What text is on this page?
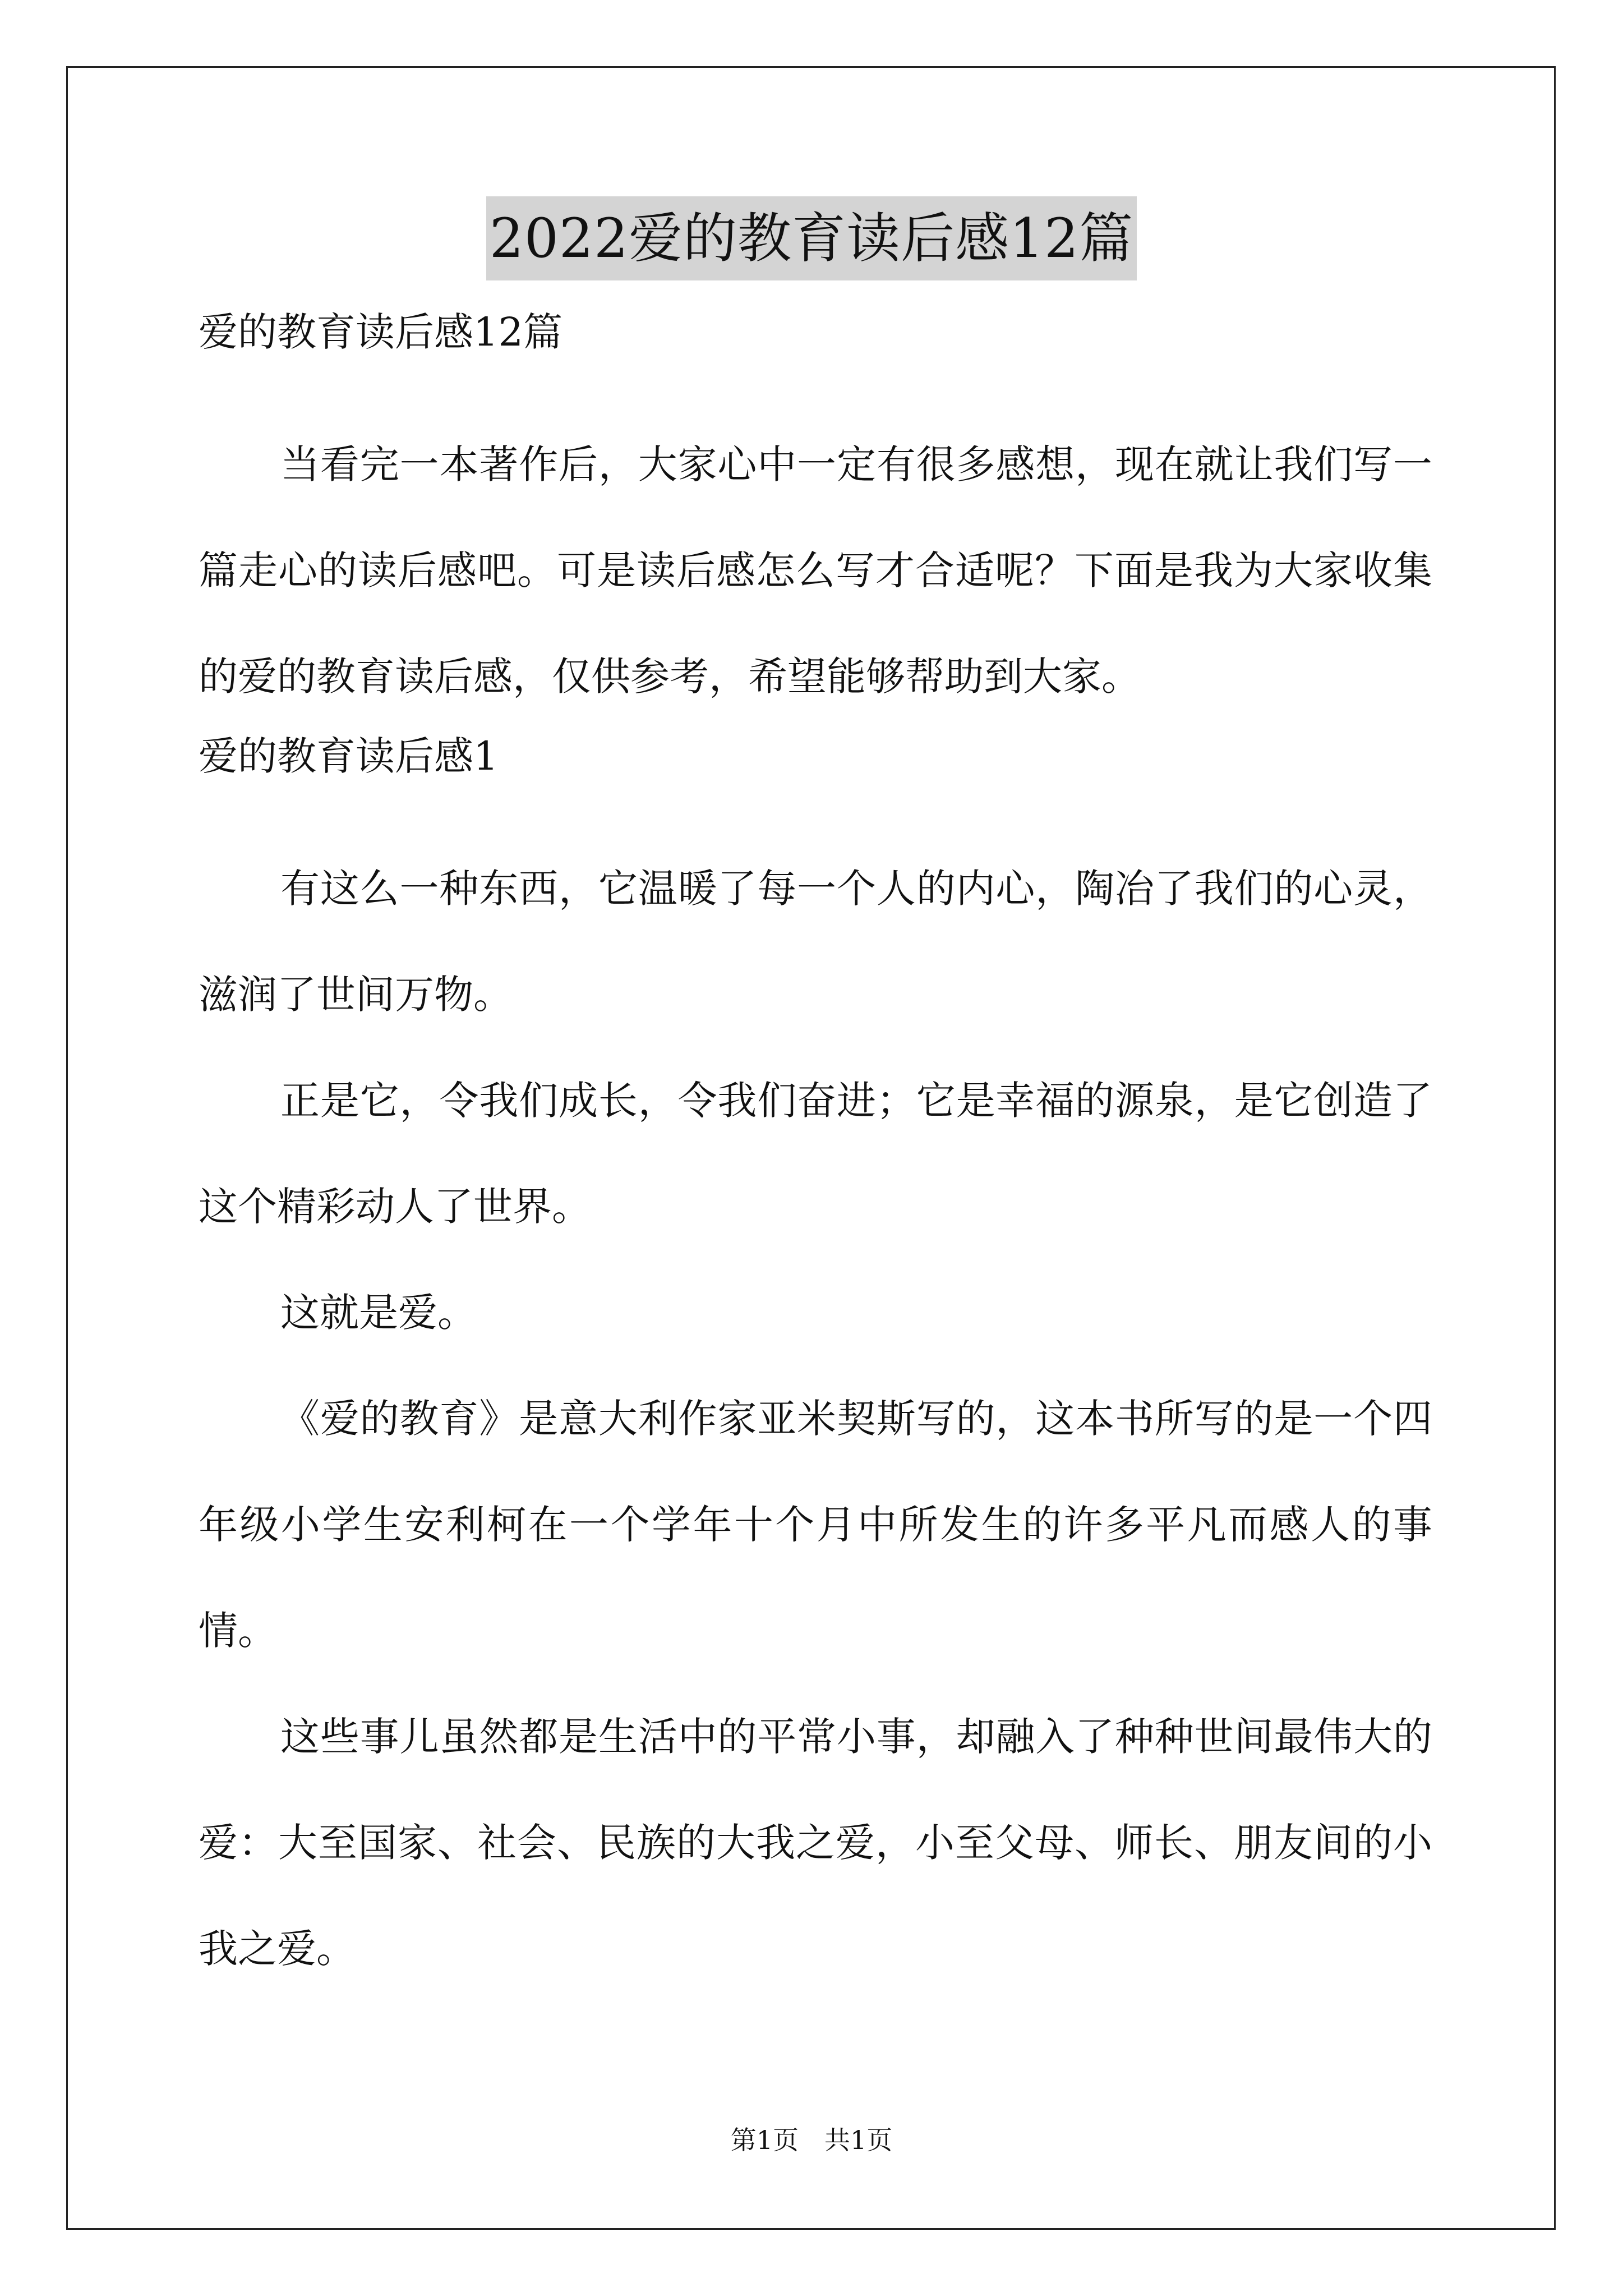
2022爱的教育读后感12篇
爱的教育读后感12篇

当看完一本著作后，大家心中一定有很多感想，现在就让我们写一篇走心的读后感吧。可是读后感怎么写才合适呢？下面是我为大家收集的爱的教育读后感，仅供参考，希望能够帮助到大家。

爱的教育读后感1

有这么一种东西，它温暖了每一个人的内心，陶冶了我们的心灵，滋润了世间万物。

正是它，令我们成长，令我们奋进；它是幸福的源泉，是它创造了这个精彩动人了世界。

这就是爱。

《爱的教育》是意大利作家亚米契斯写的，这本书所写的是一个四年级小学生安利柯在一个学年十个月中所发生的许多平凡而感人的事情。

这些事儿虽然都是生活中的平常小事，却融入了种种世间最伟大的爱：大至国家、社会、民族的大我之爱，小至父母、师长、朋友间的小我之爱。

第1页 共1页
